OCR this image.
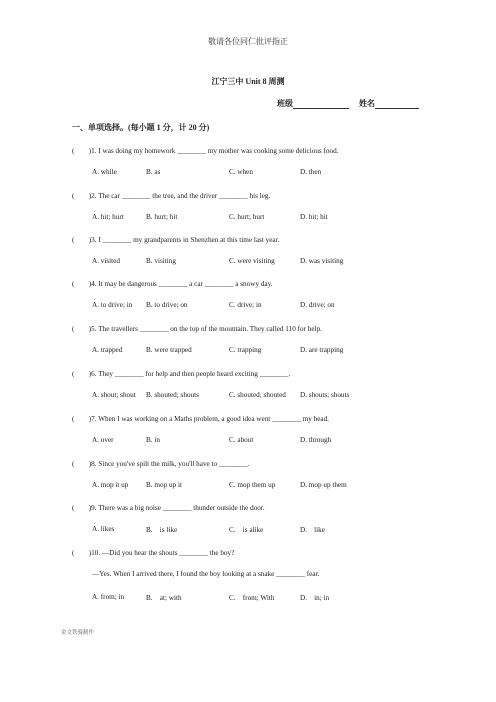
敬请各位同仁批评指正
江宁三中 Unit 8 周测
班级	姓名
一、单项选择。(每小题 1 分，计 20 分)
(　　)1. I was doing my homework ________ my mother was cooking some delicious food.
A. while	B. as	C. when	D. then
(　　)2. The car ________ the tree, and the driver ________ his leg.
A. hit; hurt	B. hurt; hit	C. hurt; hurt	D. hit; hit
(　　)3. I ________ my grandparents in Shenzhen at this time last year.
A. visited	B. visiting	C. were visiting	D. was visiting
(　　)4. It may be dangerous ________ a car ________ a snowy day.
A. to drive; in B. to drive; on	C. drive; in	D. drive; on
(　　)5. The travellers ________ on the top of the mountain. They called 110 for help.
A. trapped	B. were trapped	C. trapping	D. are trapping
(　　)6. They ________ for help and then people heard exciting ________.
A. shout; shout B. shouted; shouts	C. shouted; shouted D. shouts; shouts
(　　)7. When I was working on a Maths problem, a good idea went ________ my head.
A. over	B. in	C. about	D. through
(　　)8. Since you've spilt the milk, you'll have to ________.
A. mop it up B. mop up it	C. mop them up	D. mop up them
(　　)9. There was a big noise ________ thunder outside the door.
A. likes	B.　is like	C.　is alike	D.　like
(　　)10. —Did you hear the shouts ________ the boy?
—Yes. When I arrived there, I found the boy looking at a snake ________ fear.
A. from; in	B.　at; with	C.　from; With	D.　in; in
金文铁骑制作
